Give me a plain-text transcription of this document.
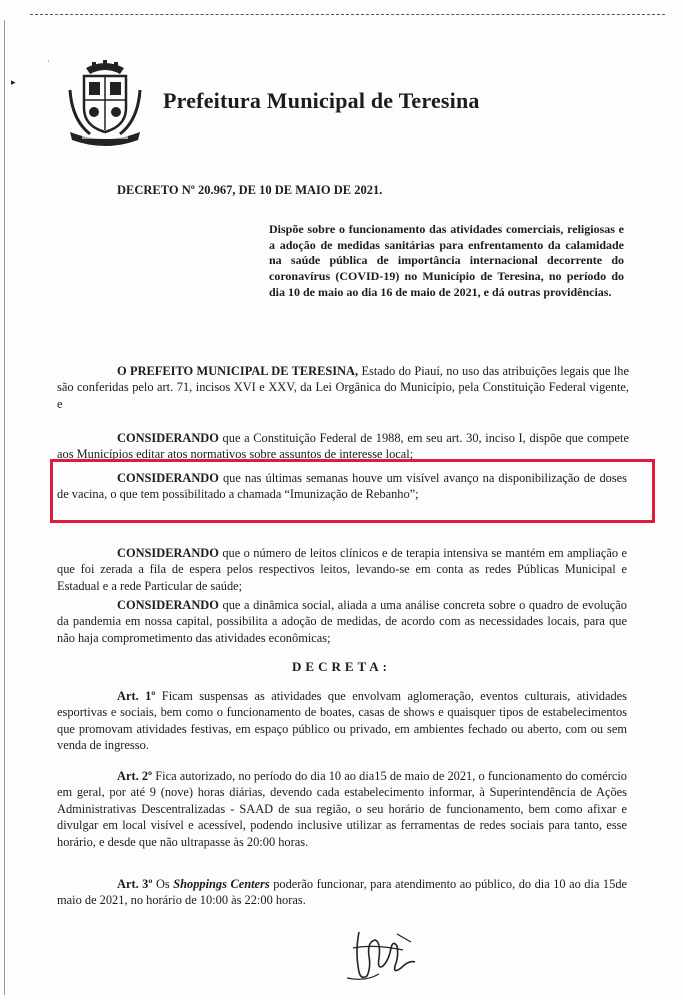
▸
·
Prefeitura Municipal de Teresina
DECRETO Nº 20.967, DE 10 DE MAIO DE 2021.
Dispõe sobre o funcionamento das atividades comerciais, religiosas e a adoção de medidas sanitárias para enfrentamento da calamidade na saúde pública de importância internacional decorrente do coronavírus (COVID-19) no Município de Teresina, no período do dia 10 de maio ao dia 16 de maio de 2021, e dá outras providências.
O PREFEITO MUNICIPAL DE TERESINA, Estado do Piauí, no uso das atribuições legais que lhe são conferidas pelo art. 71, incisos XVI e XXV, da Lei Orgânica do Município, pela Constituição Federal vigente, e
CONSIDERANDO que a Constituição Federal de 1988, em seu art. 30, inciso I, dispõe que compete aos Municípios editar atos normativos sobre assuntos de interesse local;
CONSIDERANDO que nas últimas semanas houve um visível avanço na disponibilização de doses de vacina, o que tem possibilitado a chamada “Imunização de Rebanho”;
CONSIDERANDO que o número de leitos clínicos e de terapia intensiva se mantém em ampliação e que foi zerada a fila de espera pelos respectivos leitos, levando-se em conta as redes Públicas Municipal e Estadual e a rede Particular de saúde;
CONSIDERANDO que a dinâmica social, aliada a uma análise concreta sobre o quadro de evolução da pandemia em nossa capital, possibilita a adoção de medidas, de acordo com as necessidades locais, para que não haja comprometimento das atividades econômicas;
DECRETA:
Art. 1º Ficam suspensas as atividades que envolvam aglomeração, eventos culturais, atividades esportivas e sociais, bem como o funcionamento de boates, casas de shows e quaisquer tipos de estabelecimentos que promovam atividades festivas, em espaço público ou privado, em ambientes fechado ou aberto, com ou sem venda de ingresso.
Art. 2º Fica autorizado, no período do dia 10 ao dia15 de maio de 2021, o funcionamento do comércio em geral, por até 9 (nove) horas diárias, devendo cada estabelecimento informar, à Superintendência de Ações Administrativas Descentralizadas - SAAD de sua região, o seu horário de funcionamento, bem como afixar e divulgar em local visível e acessível, podendo inclusive utilizar as ferramentas de redes sociais para tanto, esse horário, e desde que não ultrapasse às 20:00 horas.
Art. 3º Os Shoppings Centers poderão funcionar, para atendimento ao público, do dia 10 ao dia 15de maio de 2021, no horário de 10:00 às 22:00 horas.
